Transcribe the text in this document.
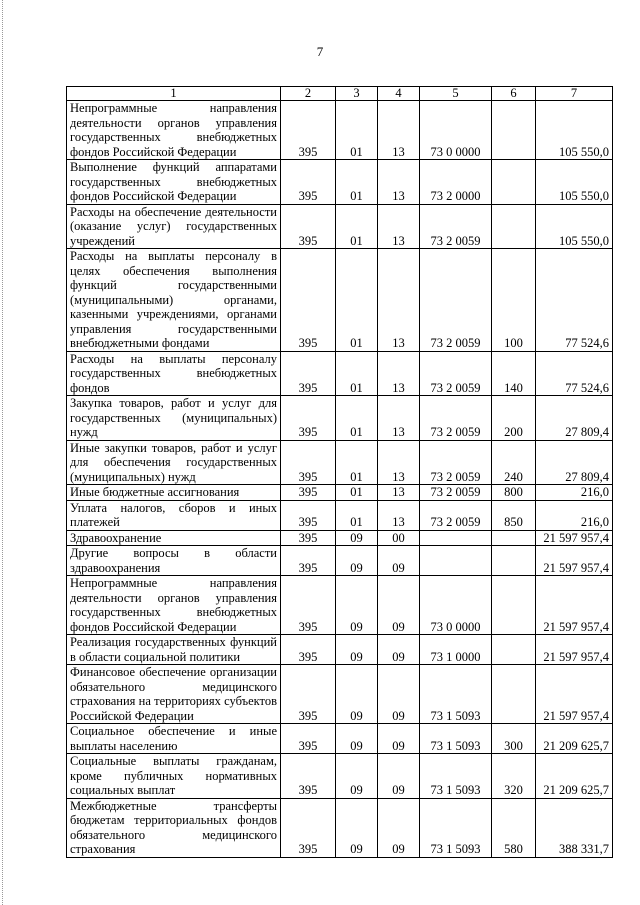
7
1	2	3	4	5	6	7
Непрограммные направления деятельности органов управления государственных внебюджетных фондов Российской Федерации	395	01	13	73 0 0000		105 550,0
Выполнение функций аппаратами государственных внебюджетных фондов Российской Федерации	395	01	13	73 2 0000		105 550,0
Расходы на обеспечение деятельности (оказание услуг) государственных учреждений	395	01	13	73 2 0059		105 550,0
Расходы на выплаты персоналу в целях обеспечения выполнения функций государственными (муниципальными) органами, казенными учреждениями, органами управления государственными внебюджетными фондами	395	01	13	73 2 0059	100	77 524,6
Расходы на выплаты персоналу государственных внебюджетных фондов	395	01	13	73 2 0059	140	77 524,6
Закупка товаров, работ и услуг для государственных (муниципальных) нужд	395	01	13	73 2 0059	200	27 809,4
Иные закупки товаров, работ и услуг для обеспечения государственных (муниципальных) нужд	395	01	13	73 2 0059	240	27 809,4
Иные бюджетные ассигнования	395	01	13	73 2 0059	800	216,0
Уплата налогов, сборов и иных платежей	395	01	13	73 2 0059	850	216,0
Здравоохранение	395	09	00			21 597 957,4
Другие вопросы в области здравоохранения	395	09	09			21 597 957,4
Непрограммные направления деятельности органов управления государственных внебюджетных фондов Российской Федерации	395	09	09	73 0 0000		21 597 957,4
Реализация государственных функций в области социальной политики	395	09	09	73 1 0000		21 597 957,4
Финансовое обеспечение организации обязательного медицинского страхования на территориях субъектов Российской Федерации	395	09	09	73 1 5093		21 597 957,4
Социальное обеспечение и иные выплаты населению	395	09	09	73 1 5093	300	21 209 625,7
Социальные выплаты гражданам, кроме публичных нормативных социальных выплат	395	09	09	73 1 5093	320	21 209 625,7
Межбюджетные трансферты бюджетам территориальных фондов обязательного медицинского страхования	395	09	09	73 1 5093	580	388 331,7
